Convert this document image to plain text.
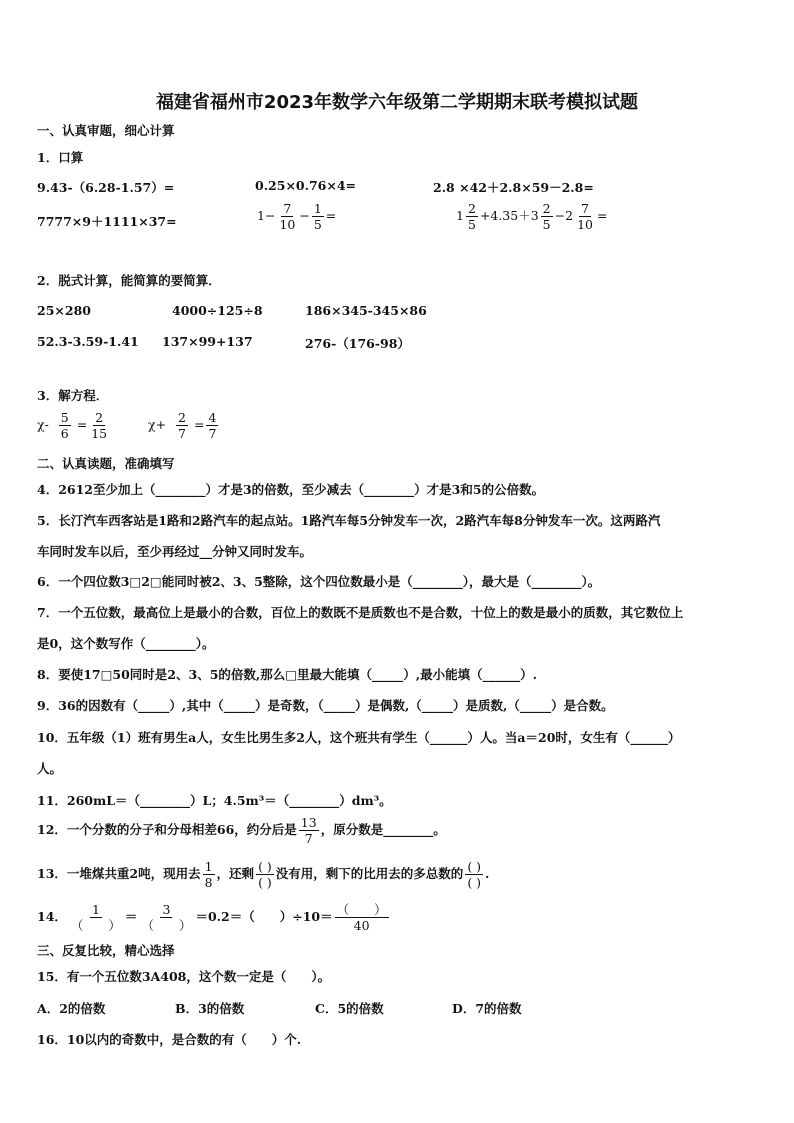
福建省福州市2023年数学六年级第二学期期末联考模拟试题
一、认真审题，细心计算
1．口算
9.43-（6.28-1.57）=	0.25×0.76×4=	2.8 ×42＋2.8×59－2.8=
7777×9＋1111×37=	$1- \frac{7}{10} - \frac{1}{5}$ =	$1 \frac{2}{5} +4.35+3 \frac{2}{5} -2 \frac{7}{10}$ =
2．脱式计算，能简算的要简算．
25×280	4000÷125÷8	186×345-345×86
52.3-3.59-1.41 137×99+137	276-（176-98）
3．解方程．
$\chi- \frac{5}{6} = \frac{2}{15}$	$\chi+ \frac{2}{7} = \frac{4}{7}$
二、认真读题，准确填写
4．2612至少加上（________）才是3的倍数，至少减去（________）才是3和5的公倍数。
5．长汀汽车西客站是1路和2路汽车的起点站。1路汽车每5分钟发车一次，2路汽车每8分钟发车一次。这两路汽
车同时发车以后，至少再经过__分钟又同时发车。
6．一个四位数3□2□能同时被2、3、5整除，这个四位数最小是（________），最大是（________）。
7．一个五位数，最高位上是最小的合数，百位上的数既不是质数也不是合数，十位上的数是最小的质数，其它数位上
是0，这个数写作（________）。
8．要使17□50同时是2、3、5的倍数,那么□里最大能填（_____）,最小能填（______）.
9．36的因数有（_____）,其中（_____）是奇数，（_____）是偶数,（_____）是质数,（_____）是合数。
10．五年级（1）班有男生a人，女生比男生多2人，这个班共有学生（______）人。当a＝20时，女生有（______）
人。
11．260mL＝（________）L；4.5m³＝（________）dm³。
12．一个分数的分子和分母相差66，约分后是 $\frac{13}{7}$ ，原分数是________。
13．一堆煤共重2吨，现用去 $\frac{1}{8}$ ，还剩 $\frac{( )}{( )}$ 没有用，剩下的比用去的多总数的 $\frac{( )}{( )}$ .
14． $\frac{1}{( )} = \frac{3}{( )} =0.2=$（　　）$\div 10= \frac{( )}{40}$
三、反复比较，精心选择
15．有一个五位数3A408，这个数一定是（　　）。
A．2的倍数	B．3的倍数	C．5的倍数	D．7的倍数
16．10以内的奇数中，是合数的有（　　）个.
